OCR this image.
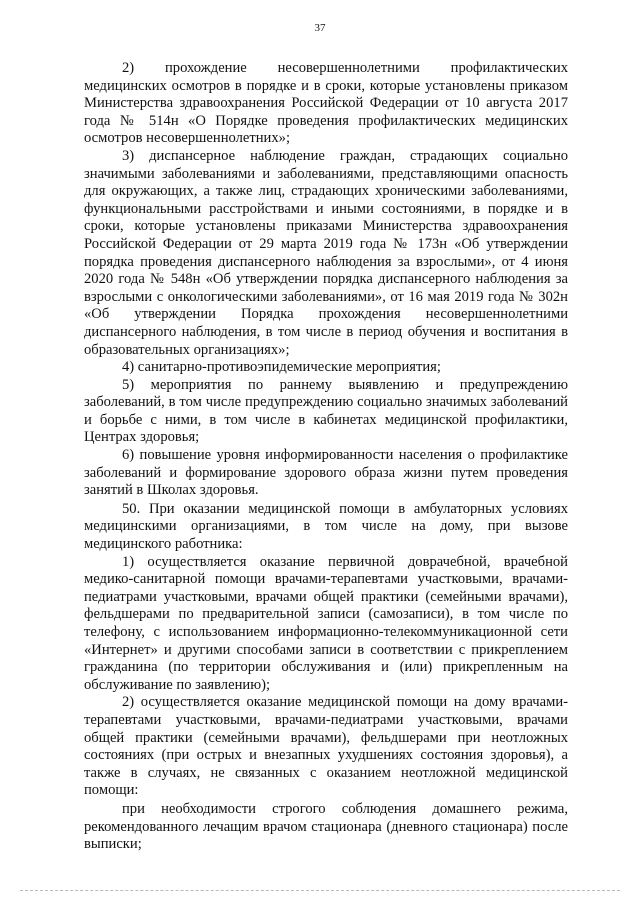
37

2) прохождение несовершеннолетними профилактических медицинских осмотров в порядке и в сроки, которые установлены приказом Министерства здравоохранения Российской Федерации от 10 августа 2017 года № 514н «О Порядке проведения профилактических медицинских осмотров несовершеннолетних»;

3) диспансерное наблюдение граждан, страдающих социально значимыми заболеваниями и заболеваниями, представляющими опасность для окружающих, а также лиц, страдающих хроническими заболеваниями, функциональными расстройствами и иными состояниями, в порядке и в сроки, которые установлены приказами Министерства здравоохранения Российской Федерации от 29 марта 2019 года № 173н «Об утверждении порядка проведения диспансерного наблюдения за взрослыми», от 4 июня 2020 года № 548н «Об утверждении порядка диспансерного наблюдения за взрослыми с онкологическими заболеваниями», от 16 мая 2019 года № 302н «Об утверждении Порядка прохождения несовершеннолетними диспансерного наблюдения, в том числе в период обучения и воспитания в образовательных организациях»;

4) санитарно-противоэпидемические мероприятия;

5) мероприятия по раннему выявлению и предупреждению заболеваний, в том числе предупреждению социально значимых заболеваний и борьбе с ними, в том числе в кабинетах медицинской профилактики, Центрах здоровья;

6) повышение уровня информированности населения о профилактике заболеваний и формирование здорового образа жизни путем проведения занятий в Школах здоровья.

50. При оказании медицинской помощи в амбулаторных условиях медицинскими организациями, в том числе на дому, при вызове медицинского работника:

1) осуществляется оказание первичной доврачебной, врачебной медико-санитарной помощи врачами-терапевтами участковыми, врачами-педиатрами участковыми, врачами общей практики (семейными врачами), фельдшерами по предварительной записи (самозаписи), в том числе по телефону, с использованием информационно-телекоммуникационной сети «Интернет» и другими способами записи в соответствии с прикреплением гражданина (по территории обслуживания и (или) прикрепленным на обслуживание по заявлению);

2) осуществляется оказание медицинской помощи на дому врачами-терапевтами участковыми, врачами-педиатрами участковыми, врачами общей практики (семейными врачами), фельдшерами при неотложных состояниях (при острых и внезапных ухудшениях состояния здоровья), а также в случаях, не связанных с оказанием неотложной медицинской помощи:

при необходимости строгого соблюдения домашнего режима, рекомендованного лечащим врачом стационара (дневного стационара) после выписки;
